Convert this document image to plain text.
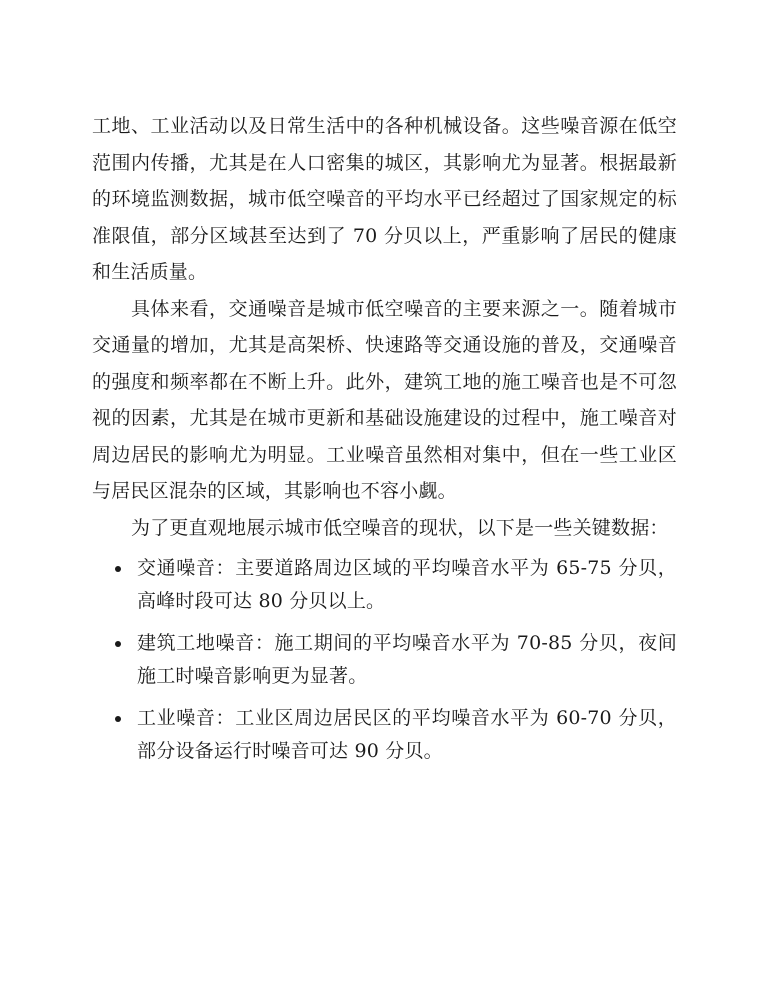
工地、工业活动以及日常生活中的各种机械设备。这些噪音源在低空范围内传播，尤其是在人口密集的城区，其影响尤为显著。根据最新的环境监测数据，城市低空噪音的平均水平已经超过了国家规定的标准限值，部分区域甚至达到了 70 分贝以上，严重影响了居民的健康和生活质量。

具体来看，交通噪音是城市低空噪音的主要来源之一。随着城市交通量的增加，尤其是高架桥、快速路等交通设施的普及，交通噪音的强度和频率都在不断上升。此外，建筑工地的施工噪音也是不可忽视的因素，尤其是在城市更新和基础设施建设的过程中，施工噪音对周边居民的影响尤为明显。工业噪音虽然相对集中，但在一些工业区与居民区混杂的区域，其影响也不容小觑。

为了更直观地展示城市低空噪音的现状，以下是一些关键数据：

交通噪音：主要道路周边区域的平均噪音水平为 65-75 分贝，高峰时段可达 80 分贝以上。
建筑工地噪音：施工期间的平均噪音水平为 70-85 分贝，夜间施工时噪音影响更为显著。
工业噪音：工业区周边居民区的平均噪音水平为 60-70 分贝，部分设备运行时噪音可达 90 分贝。
